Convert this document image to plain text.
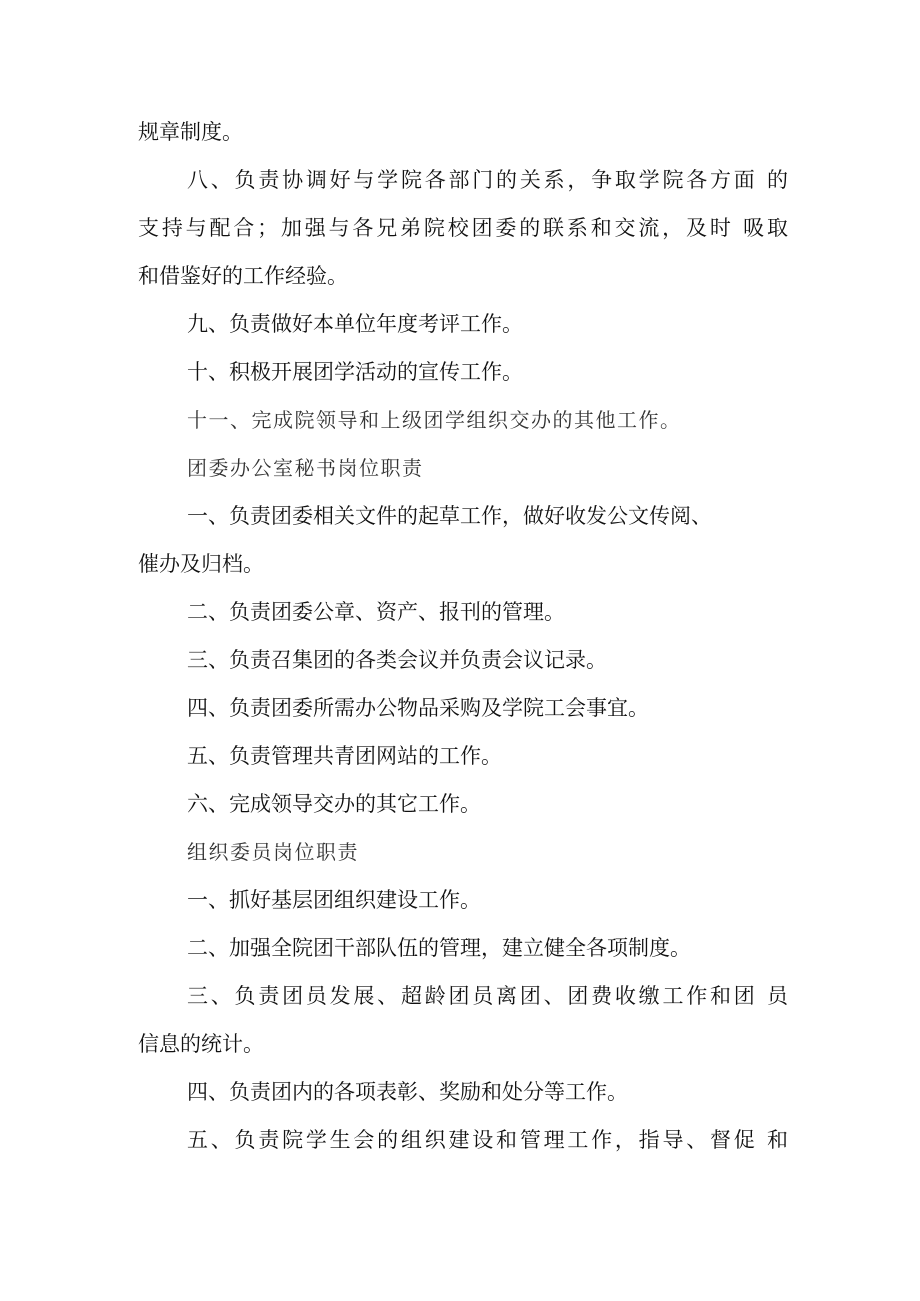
规章制度。
八、负责协调好与学院各部门的关系，争取学院各方面 的
支持与配合；加强与各兄弟院校团委的联系和交流，及时 吸取
和借鉴好的工作经验。
九、负责做好本单位年度考评工作。
十、积极开展团学活动的宣传工作。
十一、完成院领导和上级团学组织交办的其他工作。
团委办公室秘书岗位职责
一、负责团委相关文件的起草工作，做好收发公文传阅、
催办及归档。
二、负责团委公章、资产、报刊的管理。
三、负责召集团的各类会议并负责会议记录。
四、负责团委所需办公物品采购及学院工会事宜。
五、负责管理共青团网站的工作。
六、完成领导交办的其它工作。
组织委员岗位职责
一、抓好基层团组织建设工作。
二、加强全院团干部队伍的管理，建立健全各项制度。
三、负责团员发展、超龄团员离团、团费收缴工作和团 员
信息的统计。
四、负责团内的各项表彰、奖励和处分等工作。
五、负责院学生会的组织建设和管理工作，指导、督促 和
